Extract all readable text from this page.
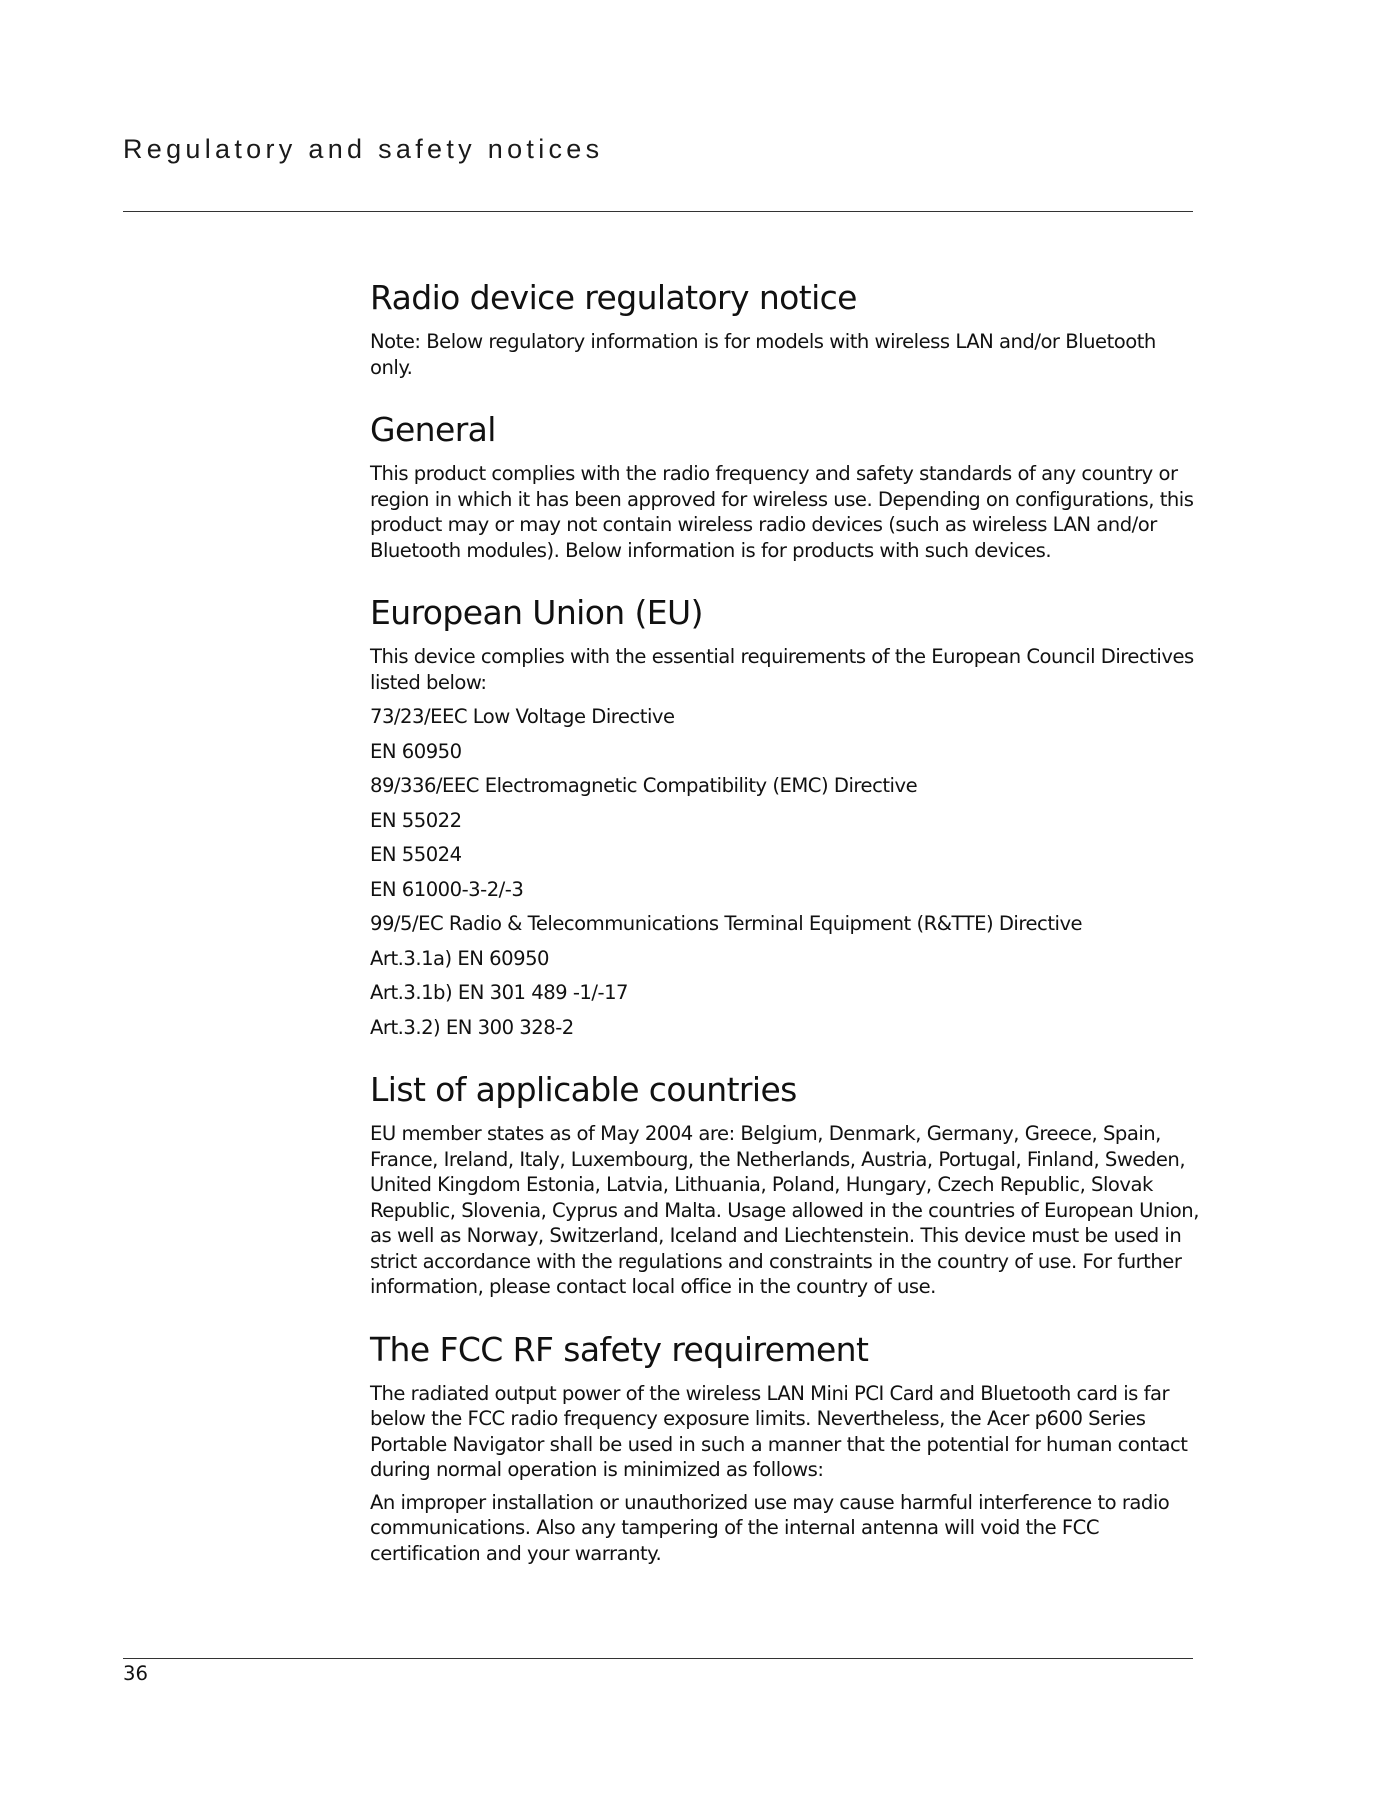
Regulatory and safety notices
Radio device regulatory notice

Note: Below regulatory information is for models with wireless LAN and/or Bluetooth only.

General

This product complies with the radio frequency and safety standards of any country or region in which it has been approved for wireless use. Depending on configurations, this product may or may not contain wireless radio devices (such as wireless LAN and/or Bluetooth modules). Below information is for products with such devices.

European Union (EU)

This device complies with the essential requirements of the European Council Directives listed below:

73/23/EEC Low Voltage Directive
EN 60950
89/336/EEC Electromagnetic Compatibility (EMC) Directive
EN 55022
EN 55024
EN 61000-3-2/-3
99/5/EC Radio & Telecommunications Terminal Equipment (R&TTE) Directive
Art.3.1a) EN 60950
Art.3.1b) EN 301 489 -1/-17
Art.3.2) EN 300 328-2
List of applicable countries

EU member states as of May 2004 are: Belgium, Denmark, Germany, Greece, Spain, France, Ireland, Italy, Luxembourg, the Netherlands, Austria, Portugal, Finland, Sweden, United Kingdom Estonia, Latvia, Lithuania, Poland, Hungary, Czech Republic, Slovak Republic, Slovenia, Cyprus and Malta. Usage allowed in the countries of European Union, as well as Norway, Switzerland, Iceland and Liechtenstein. This device must be used in strict accordance with the regulations and constraints in the country of use. For further information, please contact local office in the country of use.

The FCC RF safety requirement

The radiated output power of the wireless LAN Mini PCI Card and Bluetooth card is far below the FCC radio frequency exposure limits. Nevertheless, the Acer p600 Series Portable Navigator shall be used in such a manner that the potential for human contact during normal operation is minimized as follows:

An improper installation or unauthorized use may cause harmful interference to radio communications. Also any tampering of the internal antenna will void the FCC certification and your warranty.

36
